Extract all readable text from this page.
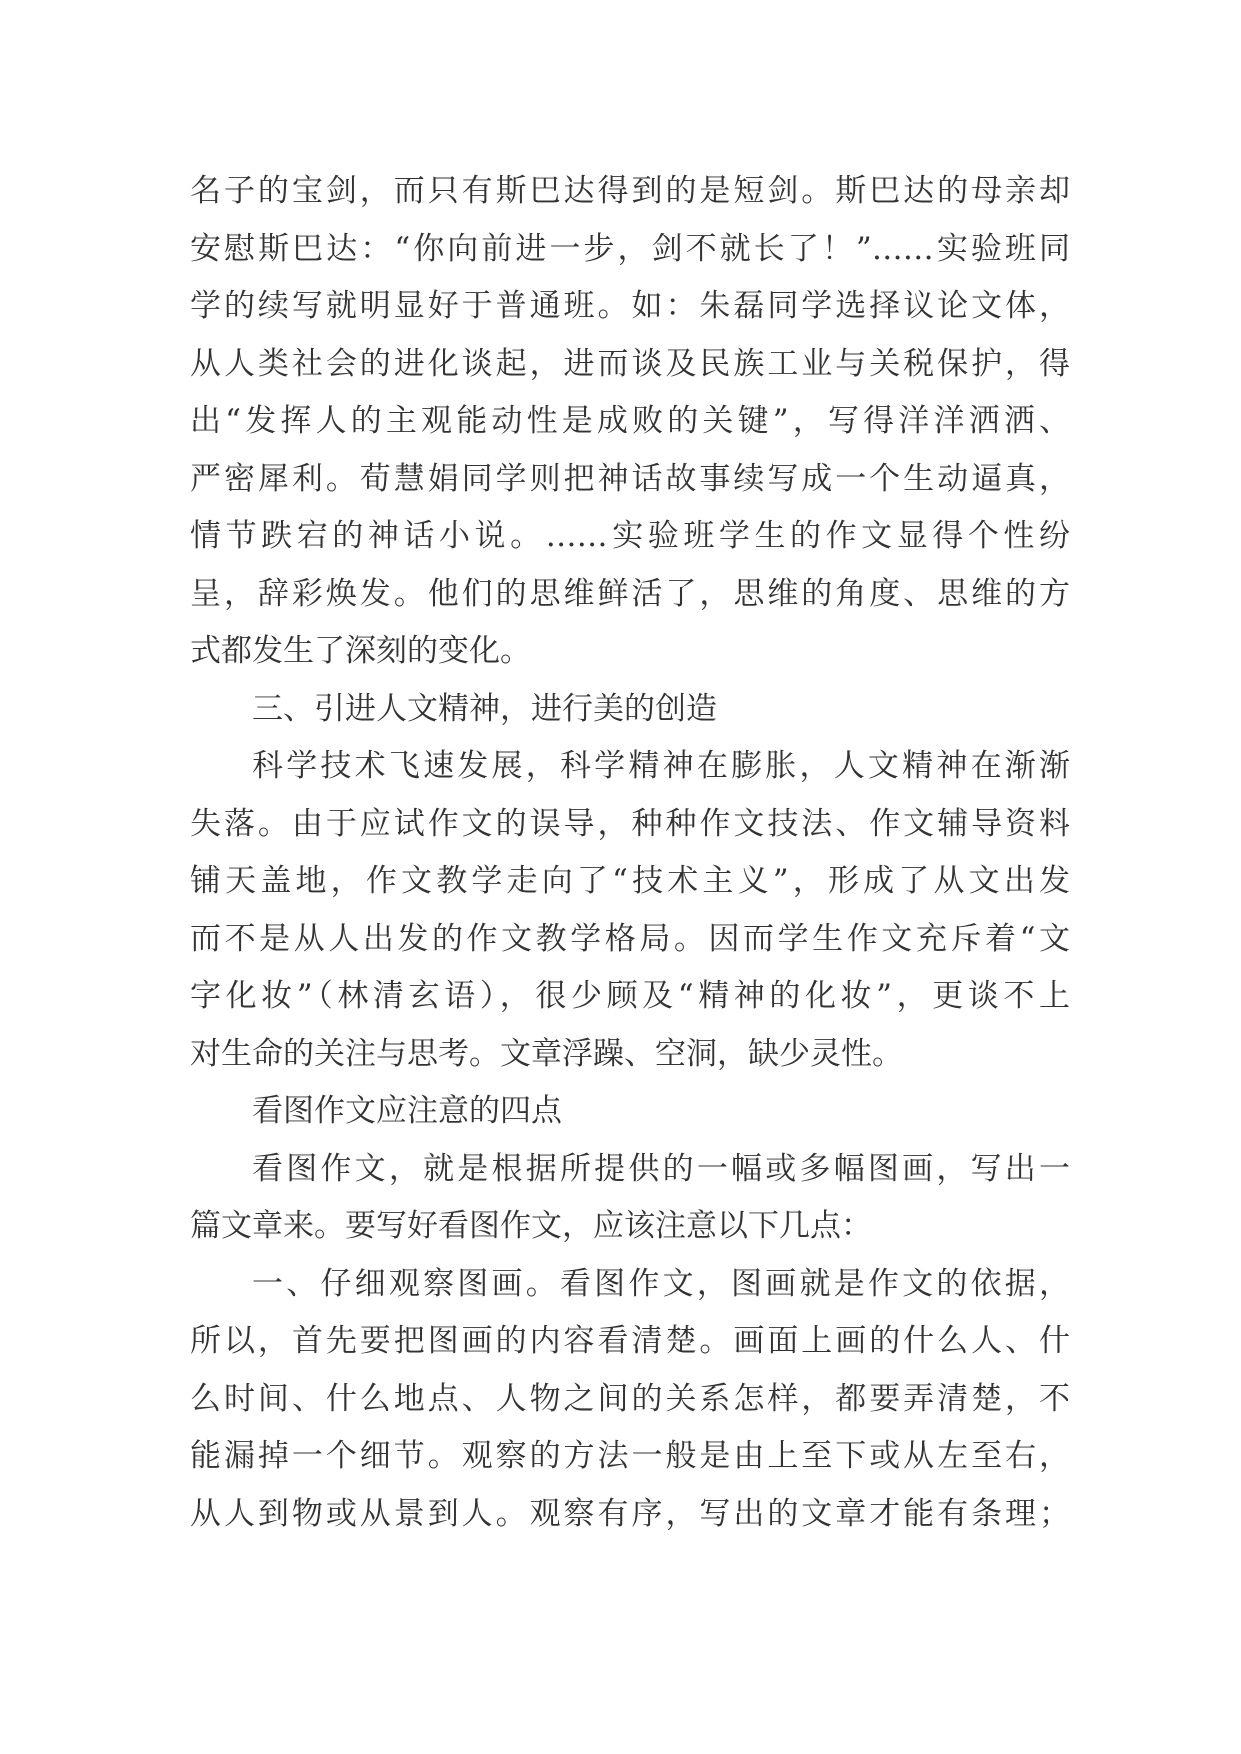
名子的宝剑，而只有斯巴达得到的是短剑。斯巴达的母亲却
安慰斯巴达：“你向前进一步，剑不就长了！”……实验班同
学的续写就明显好于普通班。如：朱磊同学选择议论文体，
从人类社会的进化谈起，进而谈及民族工业与关税保护，得
出“发挥人的主观能动性是成败的关键”，写得洋洋洒洒、
严密犀利。荀慧娟同学则把神话故事续写成一个生动逼真，
情节跌宕的神话小说。……实验班学生的作文显得个性纷
呈，辞彩焕发。他们的思维鲜活了，思维的角度、思维的方
式都发生了深刻的变化。
三、引进人文精神，进行美的创造
科学技术飞速发展，科学精神在膨胀，人文精神在渐渐
失落。由于应试作文的误导，种种作文技法、作文辅导资料
铺天盖地，作文教学走向了“技术主义”，形成了从文出发
而不是从人出发的作文教学格局。因而学生作文充斥着“文
字化妆”（林清玄语），很少顾及“精神的化妆”，更谈不上
对生命的关注与思考。文章浮躁、空洞，缺少灵性。
看图作文应注意的四点
看图作文，就是根据所提供的一幅或多幅图画，写出一
篇文章来。要写好看图作文，应该注意以下几点：
一、仔细观察图画。看图作文，图画就是作文的依据，
所以，首先要把图画的内容看清楚。画面上画的什么人、什
么时间、什么地点、人物之间的关系怎样，都要弄清楚，不
能漏掉一个细节。观察的方法一般是由上至下或从左至右，
从人到物或从景到人。观察有序，写出的文章才能有条理；
